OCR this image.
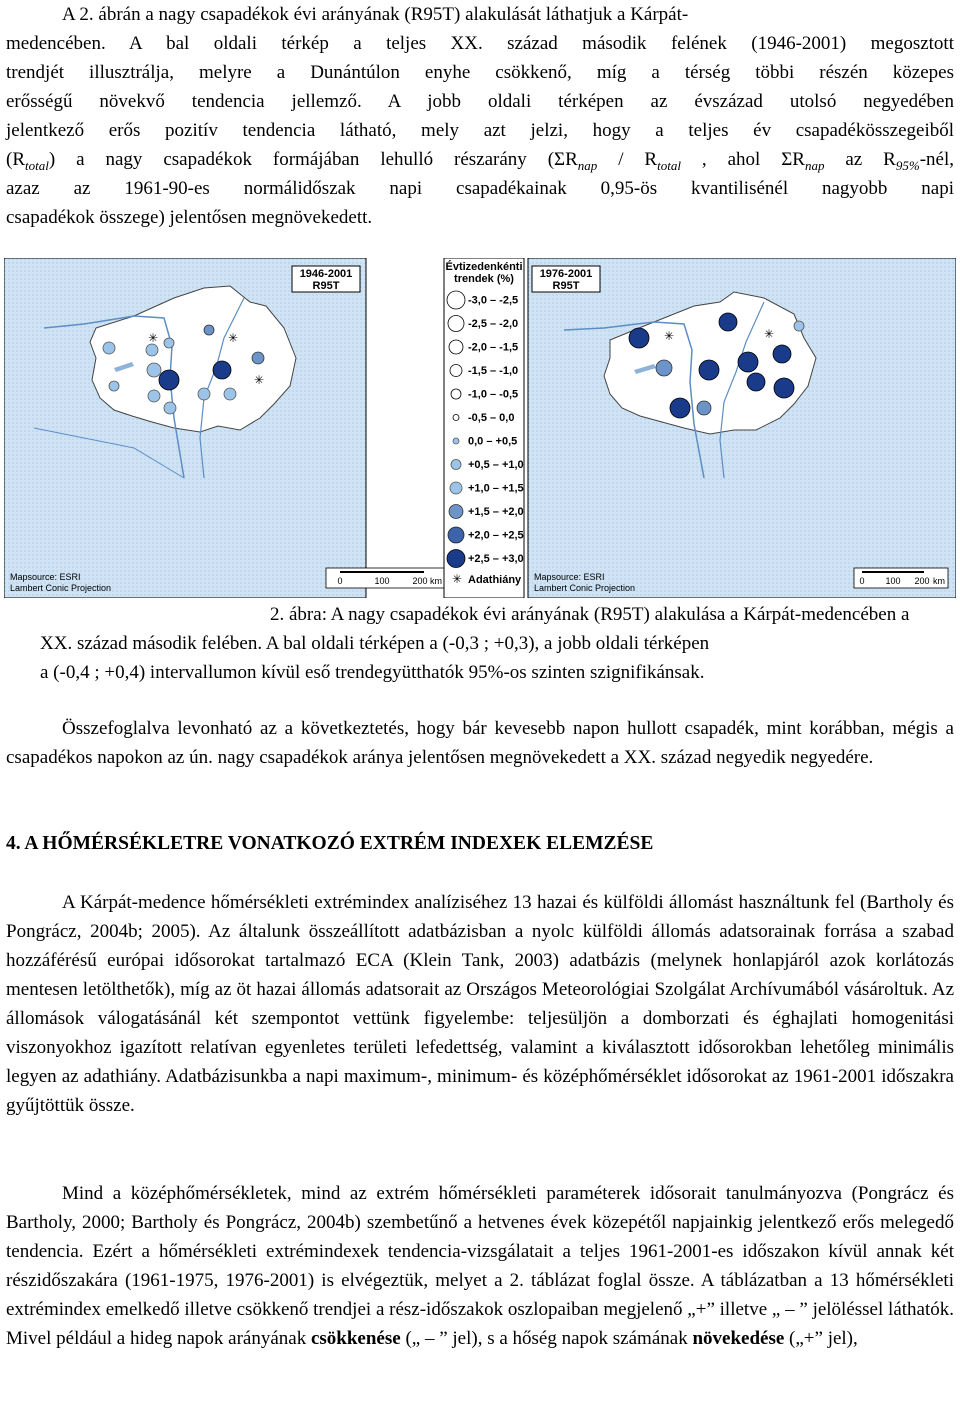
A 2. ábrán a nagy csapadékok évi arányának (R95T) alakulását láthatjuk a Kárpát-
medencében. A bal oldali térkép a teljes XX. század második felének (1946-2001) megosztott
trendjét illusztrálja, melyre a Dunántúlon enyhe csökkenő, míg a térség többi részén közepes
erősségű növekvő tendencia jellemző. A jobb oldali térképen az évszázad utolsó negyedében
jelentkező erős pozitív tendencia látható, mely azt jelzi, hogy a teljes év csapadékösszegeiből
$(R_{total})$ a nagy csapadékok formájában lehulló részarány ($\Sigma R_{nap} / R_{total}$ , ahol $\Sigma R_{nap}$ az $R_{95\%}$-nél,
azaz az 1961-90-es normálidőszak napi csapadékainak 0,95-ös kvantilisénél nagyobb napi
csapadékok összege) jelentősen megnövekedett.

1946-2001
R95T
✳	✳
✳
Mapsource: ESRI
Lambert Conic Projection
Évtizedenkénti
trendek (%)
-3,0 – -2,5
-2,5 – -2,0
-2,0 – -1,5
-1,5 – -1,0
-1,0 – -0,5
-0,5 – 0,0
0,0 – +0,5
+0,5 – +1,0
+1,0 – +1,5
+1,5 – +2,0
+2,0 – +2,5
+2,5 – +3,0
✳ Adathiány
0	100	200 km
1976-2001
R95T
✳	✳
Mapsource: ESRI
Lambert Conic Projection
0 100 200 km

2. ábra: A nagy csapadékok évi arányának (R95T) alakulása a Kárpát-medencében a
XX. század második felében. A bal oldali térképen a (-0,3 ; +0,3), a jobb oldali térképen
a (-0,4 ; +0,4) intervallumon kívül eső trendegyütthatók 95%-os szinten szignifikánsak.

Összefoglalva levonható az a következtetés, hogy bár kevesebb napon hullott csapadék, mint korábban, mégis a csapadékos napokon az ún. nagy csapadékok aránya jelentősen megnövekedett a XX. század negyedik negyedére.

4. A HŐMÉRSÉKLETRE VONATKOZÓ EXTRÉM INDEXEK ELEMZÉSE

A Kárpát-medence hőmérsékleti extrémindex analíziséhez 13 hazai és külföldi állomást használtunk fel (Bartholy és Pongrácz, 2004b; 2005). Az általunk összeállított adatbázisban a nyolc külföldi állomás adatsorainak forrása a szabad hozzáférésű európai idősorokat tartalmazó ECA (Klein Tank, 2003) adatbázis (melynek honlapjáról azok korlátozás mentesen letölthetők), míg az öt hazai állomás adatsorait az Országos Meteorológiai Szolgálat Archívumából vásároltuk. Az állomások válogatásánál két szempontot vettünk figyelembe: teljesüljön a domborzati és éghajlati homogenitási viszonyokhoz igazított relatívan egyenletes területi lefedettség, valamint a kiválasztott idősorokban lehetőleg minimális legyen az adathiány. Adatbázisunkba a napi maximum-, minimum- és középhőmérséklet idősorokat az 1961-2001 időszakra gyűjtöttük össze.

Mind a középhőmérsékletek, mind az extrém hőmérsékleti paraméterek idősorait tanulmányozva (Pongrácz és Bartholy, 2000; Bartholy és Pongrácz, 2004b) szembetűnő a hetvenes évek közepétől napjainkig jelentkező erős melegedő tendencia. Ezért a hőmérsékleti extrémindexek tendencia-vizsgálatait a teljes 1961-2001-es időszakon kívül annak két részidőszakára (1961-1975, 1976-2001) is elvégeztük, melyet a 2. táblázat foglal össze. A táblázatban a 13 hőmérsékleti extrémindex emelkedő illetve csökkenő trendjei a rész-időszakok oszlopaiban megjelenő „+” illetve „ – ” jelöléssel láthatók. Mivel például a hideg napok arányának csökkenése („ – ” jel), s a hőség napok számának növekedése („+” jel),
